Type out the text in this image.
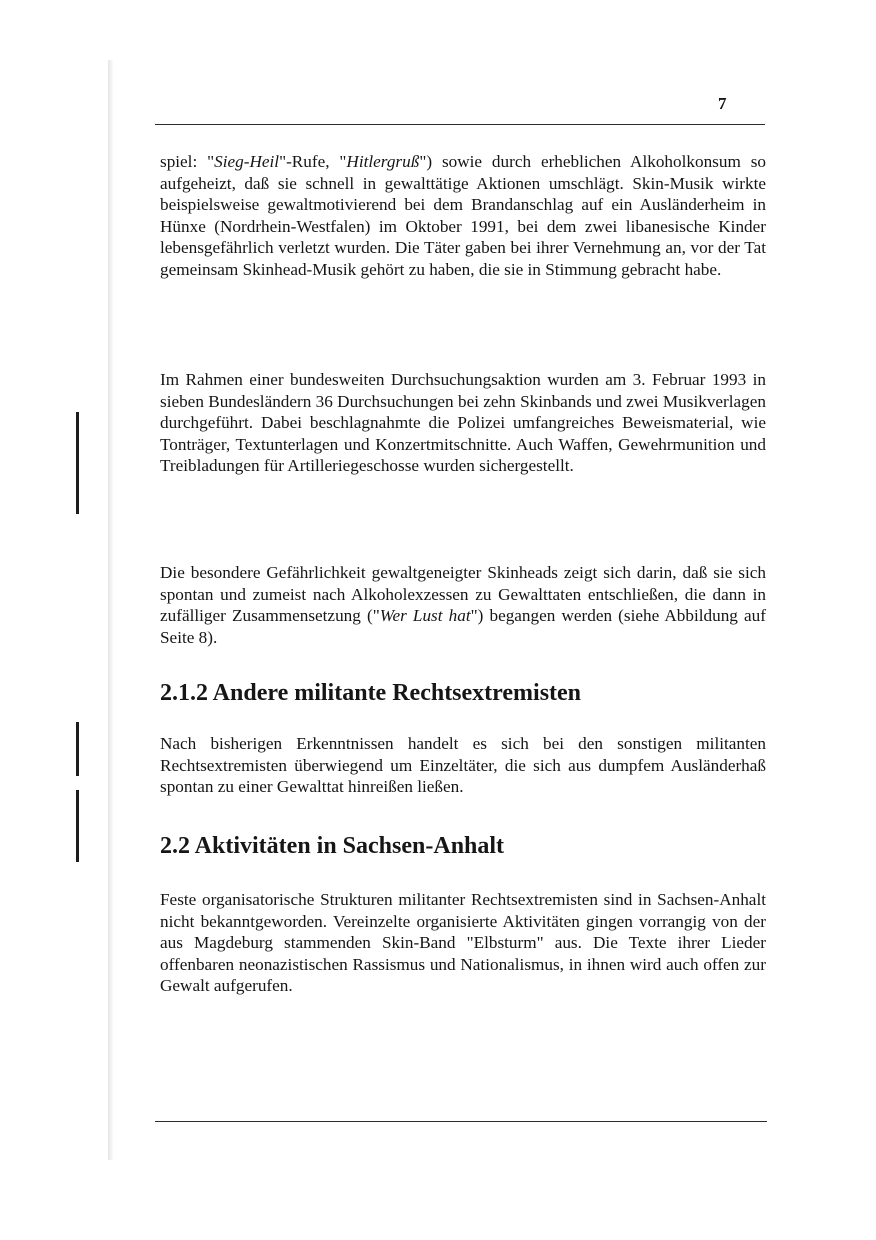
7

spiel: "Sieg-Heil"-Rufe, "Hitlergruß") sowie durch erheblichen Alkoholkonsum so aufgeheizt, daß sie schnell in gewalttätige Aktionen umschlägt. Skin-Musik wirkte beispielsweise gewaltmotivierend bei dem Brandanschlag auf ein Ausländerheim in Hünxe (Nordrhein-Westfalen) im Oktober 1991, bei dem zwei libanesische Kinder lebensgefährlich verletzt wurden. Die Täter gaben bei ihrer Vernehmung an, vor der Tat gemeinsam Skinhead-Musik gehört zu haben, die sie in Stimmung gebracht habe.

Im Rahmen einer bundesweiten Durchsuchungsaktion wurden am 3. Februar 1993 in sieben Bundesländern 36 Durchsuchungen bei zehn Skinbands und zwei Musikverlagen durchgeführt. Dabei beschlagnahmte die Polizei umfangreiches Beweismaterial, wie Tonträger, Textunterlagen und Konzertmitschnitte. Auch Waffen, Gewehrmunition und Treibladungen für Artilleriegeschosse wurden sichergestellt.

Die besondere Gefährlichkeit gewaltgeneigter Skinheads zeigt sich darin, daß sie sich spontan und zumeist nach Alkoholexzessen zu Gewalttaten entschließen, die dann in zufälliger Zusammensetzung ("Wer Lust hat") begangen werden (siehe Abbildung auf Seite 8).

2.1.2 Andere militante Rechtsextremisten

Nach bisherigen Erkenntnissen handelt es sich bei den sonstigen militanten Rechtsextremisten überwiegend um Einzeltäter, die sich aus dumpfem Ausländerhaß spontan zu einer Gewalttat hinreißen ließen.

2.2 Aktivitäten in Sachsen-Anhalt

Feste organisatorische Strukturen militanter Rechtsextremisten sind in Sachsen-Anhalt nicht bekanntgeworden. Vereinzelte organisierte Aktivitäten gingen vorrangig von der aus Magdeburg stammenden Skin-Band "Elbsturm" aus. Die Texte ihrer Lieder offenbaren neonazistischen Rassismus und Nationalismus, in ihnen wird auch offen zur Gewalt aufgerufen.
